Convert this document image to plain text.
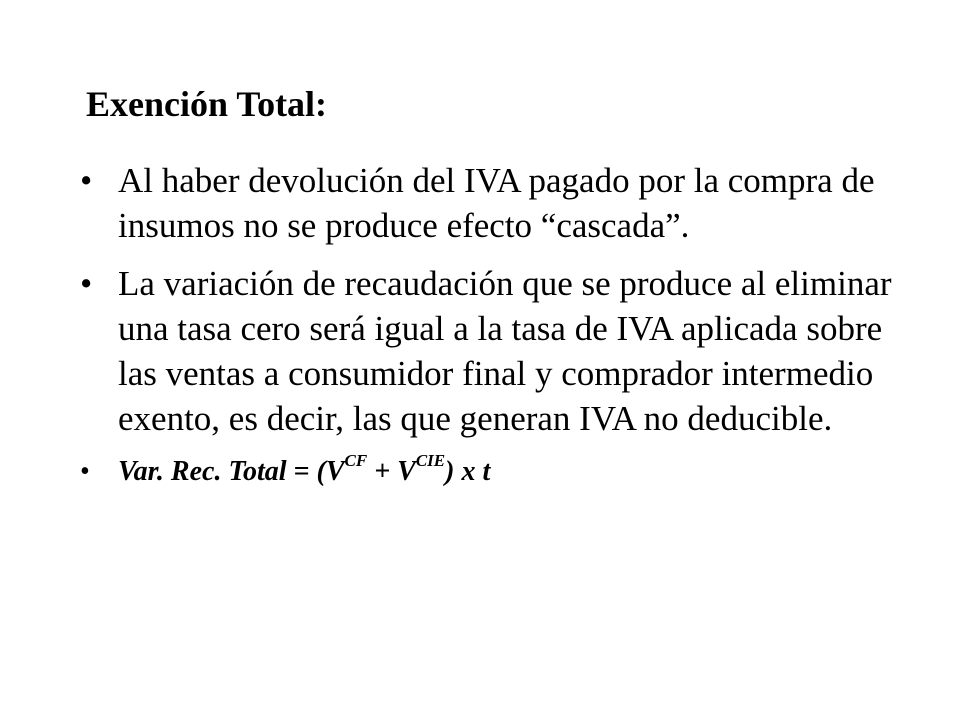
Exención Total:
• Al haber devolución del IVA pagado por la compra de insumos no se produce efecto “cascada”.
• La variación de recaudación que se produce al eliminar una tasa cero será igual a la tasa de IVA aplicada sobre las ventas a consumidor final y comprador intermedio exento, es decir, las que generan IVA no deducible.
• Var. Rec. Total = $(V^{CF} + V^{CIE})$ x t
